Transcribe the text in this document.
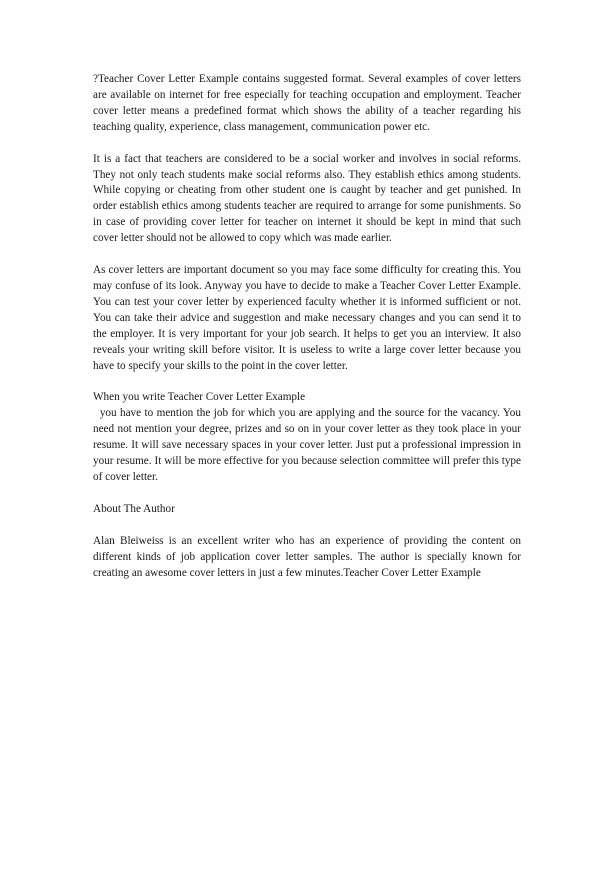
?Teacher Cover Letter Example contains suggested format. Several examples of cover letters are available on internet for free especially for teaching occupation and employment. Teacher cover letter means a predefined format which shows the ability of a teacher regarding his teaching quality, experience, class management, communication power etc.

It is a fact that teachers are considered to be a social worker and involves in social reforms. They not only teach students make social reforms also. They establish ethics among students. While copying or cheating from other student one is caught by teacher and get punished. In order establish ethics among students teacher are required to arrange for some punishments. So in case of providing cover letter for teacher on internet it should be kept in mind that such cover letter should not be allowed to copy which was made earlier.

As cover letters are important document so you may face some difficulty for creating this. You may confuse of its look. Anyway you have to decide to make a Teacher Cover Letter Example. You can test your cover letter by experienced faculty whether it is informed sufficient or not. You can take their advice and suggestion and make necessary changes and you can send it to the employer. It is very important for your job search. It helps to get you an interview. It also reveals your writing skill before visitor. It is useless to write a large cover letter because you have to specify your skills to the point in the cover letter.

When you write Teacher Cover Letter Example

you have to mention the job for which you are applying and the source for the vacancy. You need not mention your degree, prizes and so on in your cover letter as they took place in your resume. It will save necessary spaces in your cover letter. Just put a professional impression in your resume. It will be more effective for you because selection committee will prefer this type of cover letter.

About The Author

Alan Bleiweiss is an excellent writer who has an experience of providing the content on different kinds of job application cover letter samples. The author is specially known for creating an awesome cover letters in just a few minutes.Teacher Cover Letter Example
